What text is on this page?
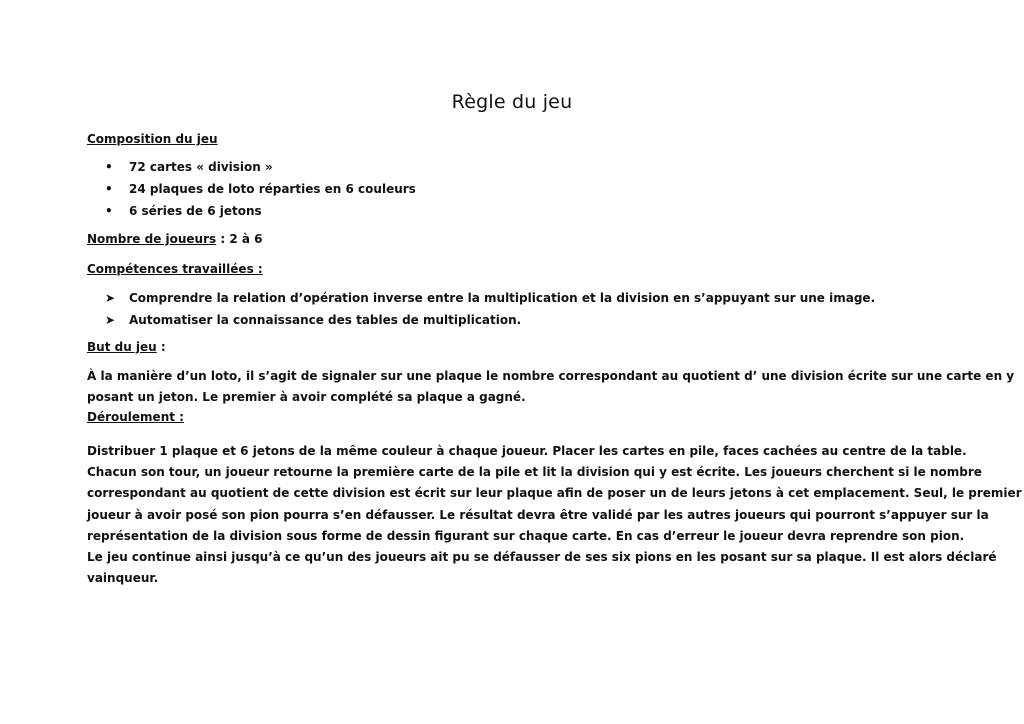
Règle du jeu
Composition du jeu
• 72 cartes « division »
• 24 plaques de loto réparties en 6 couleurs
• 6 séries de 6 jetons
Nombre de joueurs : 2 à 6
Compétences travaillées :
➤ Comprendre la relation d’opération inverse entre la multiplication et la division en s’appuyant sur une image.
➤ Automatiser la connaissance des tables de multiplication.
But du jeu :
À la manière d’un loto, il s’agit de signaler sur une plaque le nombre correspondant au quotient d’ une division écrite sur une carte en y
posant un jeton. Le premier à avoir complété sa plaque a gagné.
Déroulement :
Distribuer 1 plaque et 6 jetons de la même couleur à chaque joueur. Placer les cartes en pile, faces cachées au centre de la table.
Chacun son tour, un joueur retourne la première carte de la pile et lit la division qui y est écrite. Les joueurs cherchent si le nombre
correspondant au quotient de cette division est écrit sur leur plaque afin de poser un de leurs jetons à cet emplacement. Seul, le premier
joueur à avoir posé son pion pourra s’en défausser. Le résultat devra être validé par les autres joueurs qui pourront s’appuyer sur la
représentation de la division sous forme de dessin figurant sur chaque carte. En cas d’erreur le joueur devra reprendre son pion.
Le jeu continue ainsi jusqu’à ce qu’un des joueurs ait pu se défausser de ses six pions en les posant sur sa plaque. Il est alors déclaré
vainqueur.
